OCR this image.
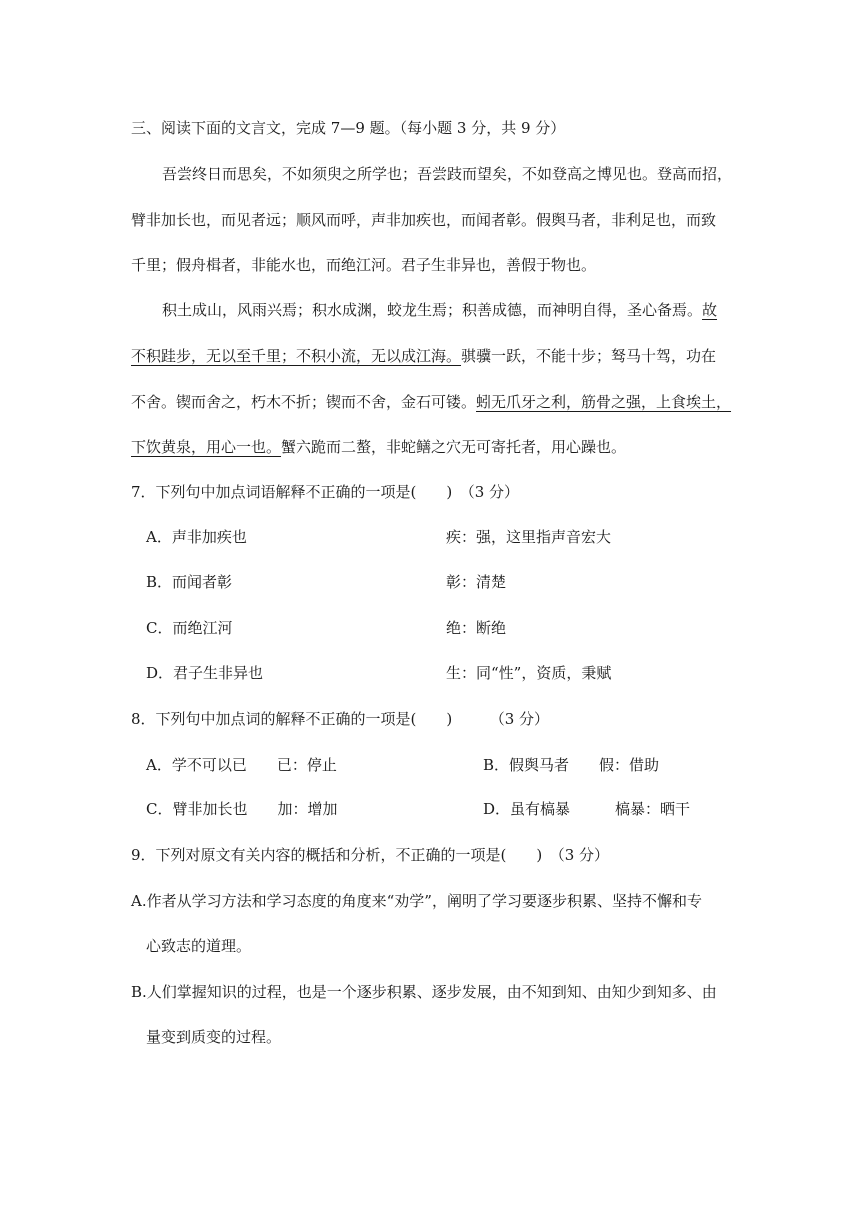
三、阅读下面的文言文，完成 7—9 题。（每小题 3 分，共 9 分）
吾尝终日而思矣，不如须臾之所学也；吾尝跂而望矣，不如登高之博见也。登高而招，
臂非加长也，而见者远；顺风而呼，声非加疾也，而闻者彰。假舆马者，非利足也，而致
千里；假舟楫者，非能水也，而绝江河。君子生非异也，善假于物也。
积土成山，风雨兴焉；积水成渊，蛟龙生焉；积善成德，而神明自得，圣心备焉。故
不积跬步，无以至千里；不积小流，无以成江海。骐骥一跃，不能十步；驽马十驾，功在
不舍。锲而舍之，朽木不折；锲而不舍，金石可镂。蚓无爪牙之利，筋骨之强，上食埃土，
下饮黄泉，用心一也。蟹六跪而二螯，非蛇鳝之穴无可寄托者，用心躁也。
7．下列句中加点词语解释不正确的一项是(　　)　（3 分）
A．声非加疾也	疾：强，这里指声音宏大
B．而闻者彰	彰：清楚
C．而绝江河	绝：断绝
D．君子生非异也	生：同“性”，资质，秉赋
8．下列句中加点词的解释不正确的一项是(　　)　　　（3 分）
A．学不可以已　　已：停止	B．假舆马者　　假：借助
C．臂非加长也　　加：增加	D．虽有槁暴　　　槁暴：晒干
9．下列对原文有关内容的概括和分析，不正确的一项是(　　)　（3 分）
A.作者从学习方法和学习态度的角度来“劝学”，阐明了学习要逐步积累、坚持不懈和专
心致志的道理。
B.人们掌握知识的过程，也是一个逐步积累、逐步发展，由不知到知、由知少到知多、由
量变到质变的过程。
